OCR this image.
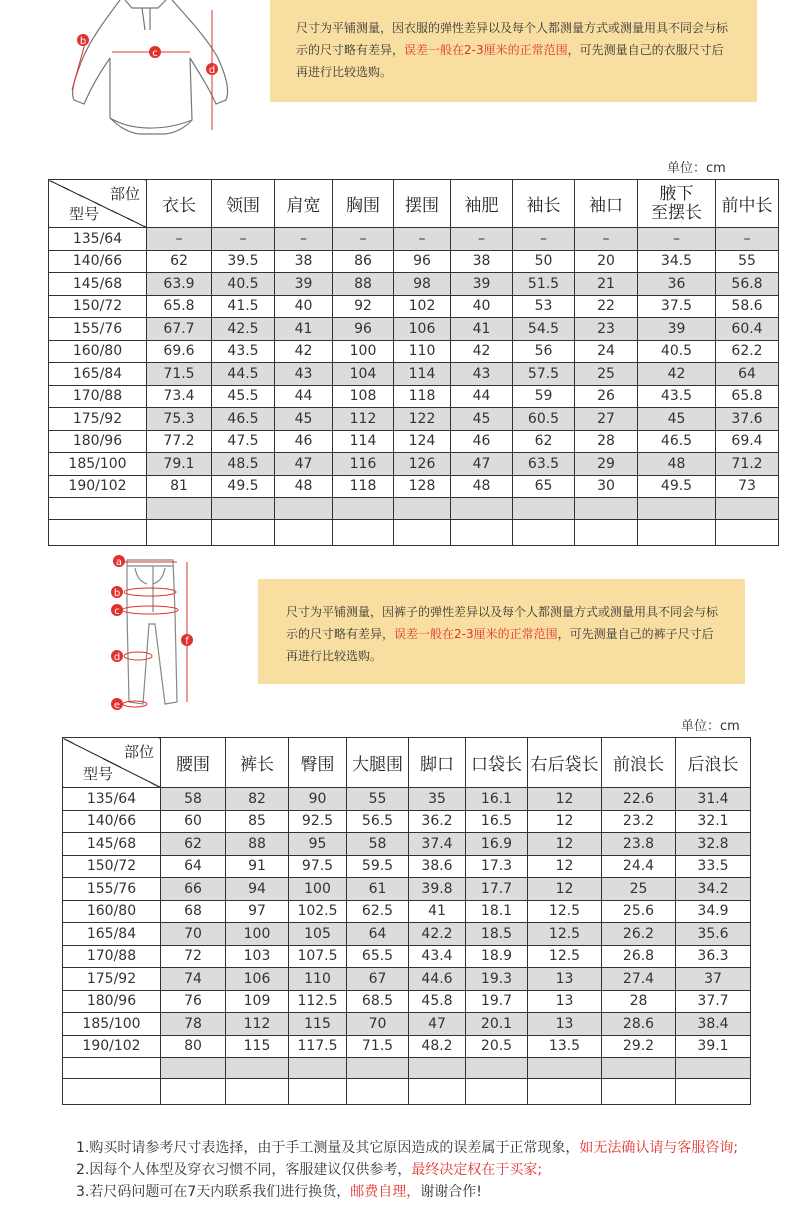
b
c
d
尺寸为平铺测量，因衣服的弹性差异以及每个人都测量方式或测量用具不同会与标
示的尺寸略有差异，误差一般在2-3厘米的正常范围，可先测量自己的衣服尺寸后
再进行比较选购。
单位：cm
部位
型号	衣长	领围	肩宽	胸围	摆围	袖肥	袖长	袖口	腋下
至摆长	前中长
135/64	–	–	–	–	–	–	–	–	–	–
140/66	62	39.5	38	86	96	38	50	20	34.5	55
145/68	63.9	40.5	39	88	98	39	51.5	21	36	56.8
150/72	65.8	41.5	40	92	102	40	53	22	37.5	58.6
155/76	67.7	42.5	41	96	106	41	54.5	23	39	60.4
160/80	69.6	43.5	42	100	110	42	56	24	40.5	62.2
165/84	71.5	44.5	43	104	114	43	57.5	25	42	64
170/88	73.4	45.5	44	108	118	44	59	26	43.5	65.8
175/92	75.3	46.5	45	112	122	45	60.5	27	45	37.6
180/96	77.2	47.5	46	114	124	46	62	28	46.5	69.4
185/100	79.1	48.5	47	116	126	47	63.5	29	48	71.2
190/102	81	49.5	48	118	128	48	65	30	49.5	73

a
b
c
d
e
f
尺寸为平铺测量，因裤子的弹性差异以及每个人都测量方式或测量用具不同会与标
示的尺寸略有差异，误差一般在2-3厘米的正常范围，可先测量自己的裤子尺寸后
再进行比较选购。
单位：cm
部位
型号	腰围	裤长	臀围	大腿围	脚口	口袋长	右后袋长	前浪长	后浪长
135/64	58	82	90	55	35	16.1	12	22.6	31.4
140/66	60	85	92.5	56.5	36.2	16.5	12	23.2	32.1
145/68	62	88	95	58	37.4	16.9	12	23.8	32.8
150/72	64	91	97.5	59.5	38.6	17.3	12	24.4	33.5
155/76	66	94	100	61	39.8	17.7	12	25	34.2
160/80	68	97	102.5	62.5	41	18.1	12.5	25.6	34.9
165/84	70	100	105	64	42.2	18.5	12.5	26.2	35.6
170/88	72	103	107.5	65.5	43.4	18.9	12.5	26.8	36.3
175/92	74	106	110	67	44.6	19.3	13	27.4	37
180/96	76	109	112.5	68.5	45.8	19.7	13	28	37.7
185/100	78	112	115	70	47	20.1	13	28.6	38.4
190/102	80	115	117.5	71.5	48.2	20.5	13.5	29.2	39.1

1.购买时请参考尺寸表选择，由于手工测量及其它原因造成的误差属于正常现象，如无法确认请与客服咨询;

2.因每个人体型及穿衣习惯不同，客服建议仅供参考，最终决定权在于买家;

3.若尺码问题可在7天内联系我们进行换货，邮费自理，谢谢合作!
